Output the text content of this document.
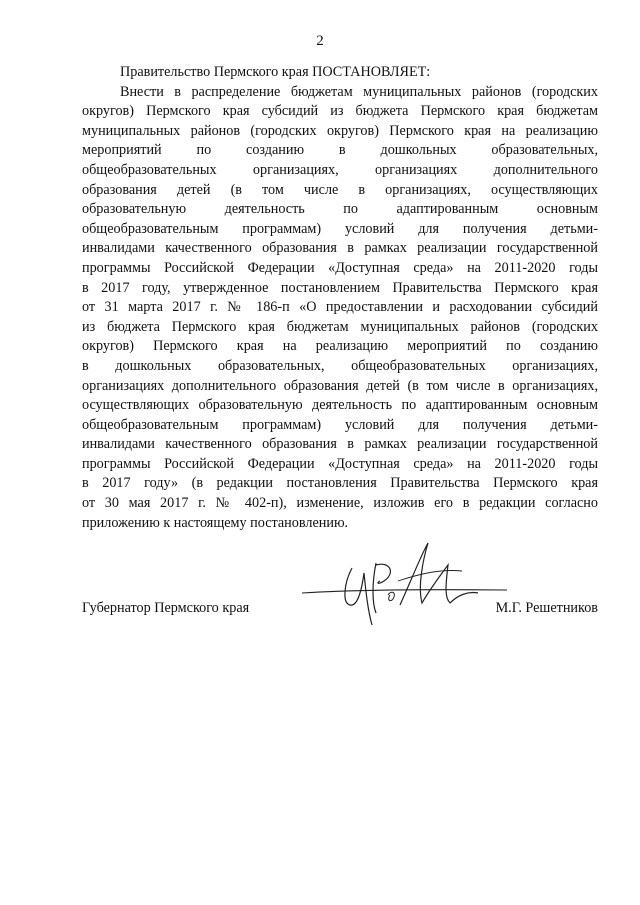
2
Правительство Пермского края ПОСТАНОВЛЯЕТ:
Внести в распределение бюджетам муниципальных районов (городских
округов) Пермского края субсидий из бюджета Пермского края бюджетам
муниципальных районов (городских округов) Пермского края на реализацию
мероприятий по созданию в дошкольных образовательных,
общеобразовательных организациях, организациях дополнительного
образования детей (в том числе в организациях, осуществляющих
образовательную деятельность по адаптированным основным
общеобразовательным программам) условий для получения детьми-
инвалидами качественного образования в рамках реализации государственной
программы Российской Федерации «Доступная среда» на 2011-2020 годы
в 2017 году, утвержденное постановлением Правительства Пермского края
от 31 марта 2017 г. № 186-п «О предоставлении и расходовании субсидий
из бюджета Пермского края бюджетам муниципальных районов (городских
округов) Пермского края на реализацию мероприятий по созданию
в дошкольных образовательных, общеобразовательных организациях,
организациях дополнительного образования детей (в том числе в организациях,
осуществляющих образовательную деятельность по адаптированным основным
общеобразовательным программам) условий для получения детьми-
инвалидами качественного образования в рамках реализации государственной
программы Российской Федерации «Доступная среда» на 2011-2020 годы
в 2017 году» (в редакции постановления Правительства Пермского края
от 30 мая 2017 г. № 402-п), изменение, изложив его в редакции согласно
приложению к настоящему постановлению.
Губернатор Пермского края	М.Г. Решетников
